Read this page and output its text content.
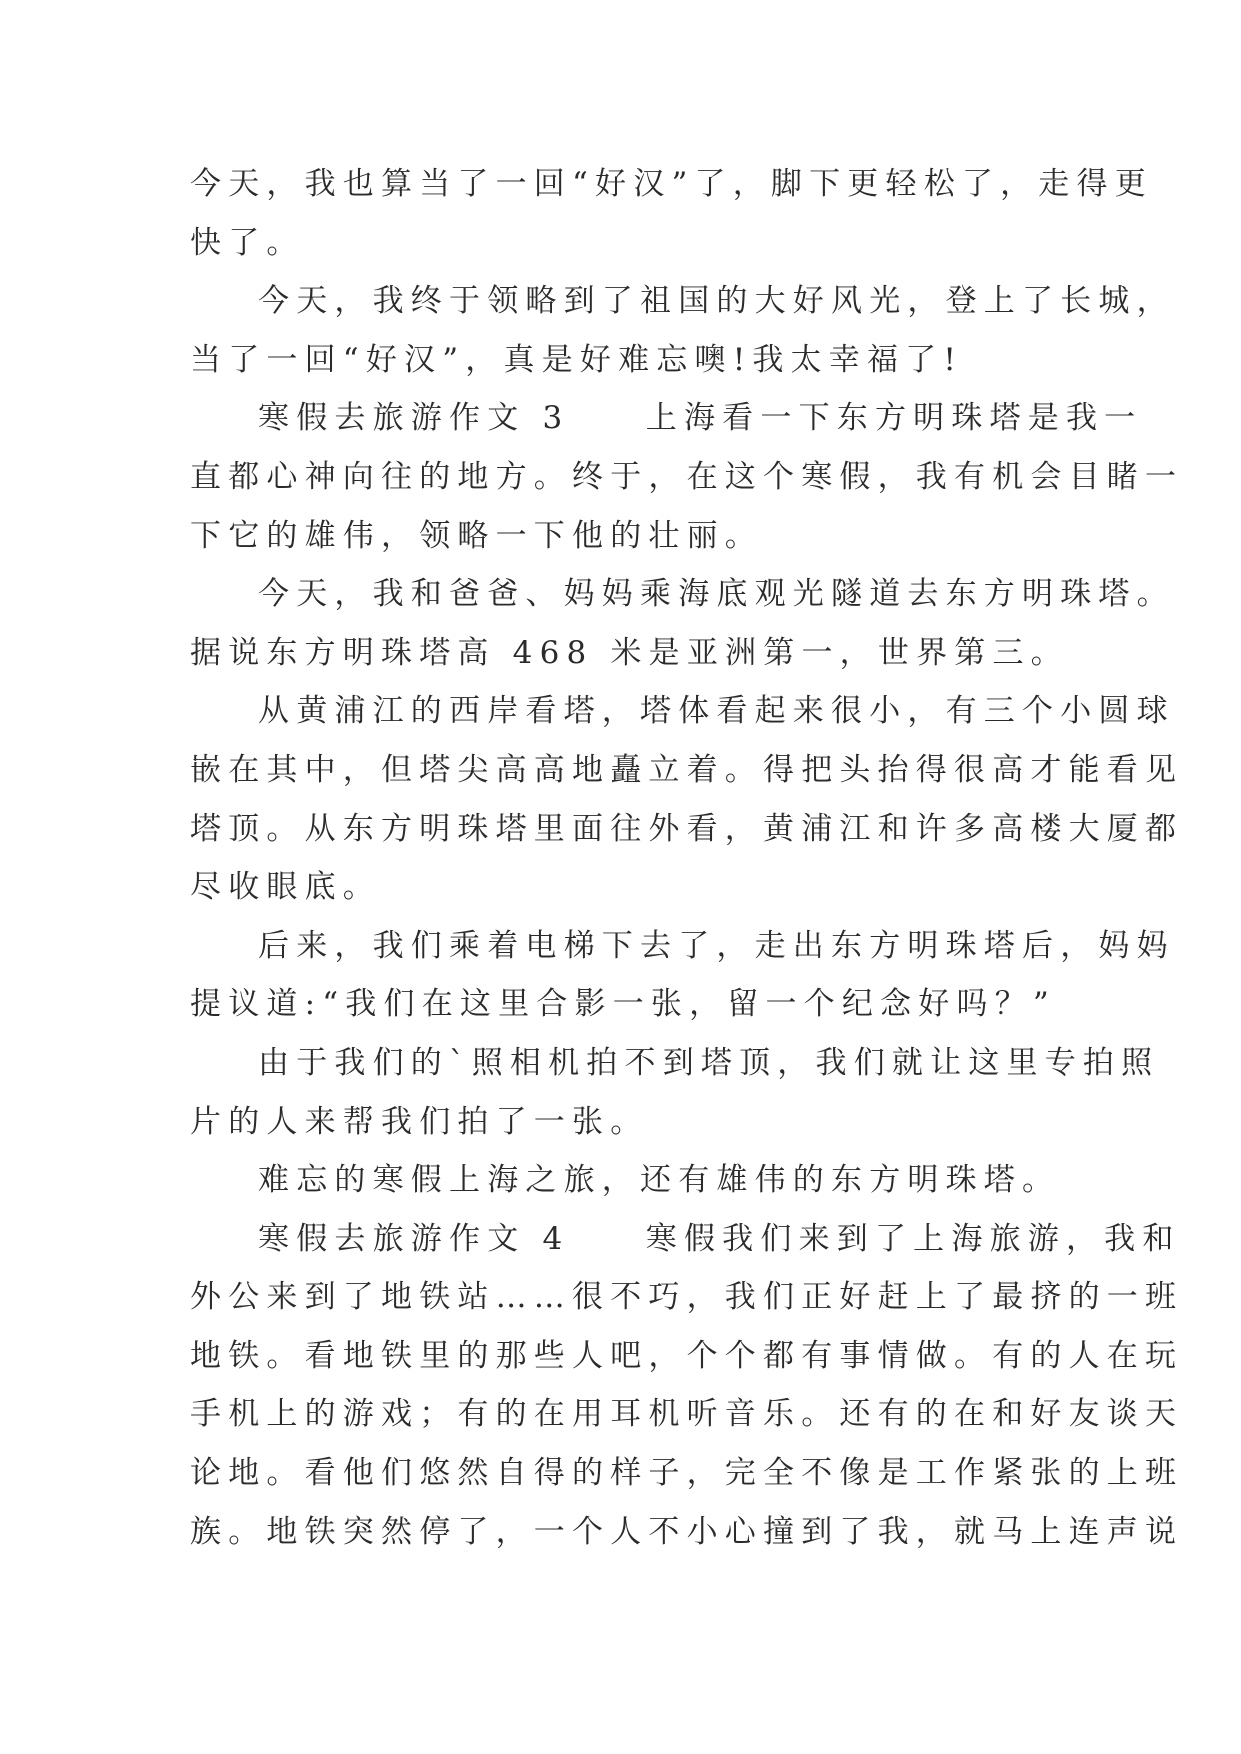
今天，我也算当了一回“好汉”了，脚下更轻松了，走得更
快了。
今天，我终于领略到了祖国的大好风光，登上了长城，
当了一回“好汉”，真是好难忘噢!我太幸福了!
寒假去旅游作文 3　　上海看一下东方明珠塔是我一
直都心神向往的地方。终于，在这个寒假，我有机会目睹一
下它的雄伟，领略一下他的壮丽。
今天，我和爸爸、妈妈乘海底观光隧道去东方明珠塔。
据说东方明珠塔高 468 米是亚洲第一，世界第三。
从黄浦江的西岸看塔，塔体看起来很小，有三个小圆球
嵌在其中，但塔尖高高地矗立着。得把头抬得很高才能看见
塔顶。从东方明珠塔里面往外看，黄浦江和许多高楼大厦都
尽收眼底。
后来，我们乘着电梯下去了，走出东方明珠塔后，妈妈
提议道:“我们在这里合影一张，留一个纪念好吗？”
由于我们的`照相机拍不到塔顶，我们就让这里专拍照
片的人来帮我们拍了一张。
难忘的寒假上海之旅，还有雄伟的东方明珠塔。
寒假去旅游作文 4　　寒假我们来到了上海旅游，我和
外公来到了地铁站……很不巧，我们正好赶上了最挤的一班
地铁。看地铁里的那些人吧，个个都有事情做。有的人在玩
手机上的游戏；有的在用耳机听音乐。还有的在和好友谈天
论地。看他们悠然自得的样子，完全不像是工作紧张的上班
族。地铁突然停了，一个人不小心撞到了我，就马上连声说
